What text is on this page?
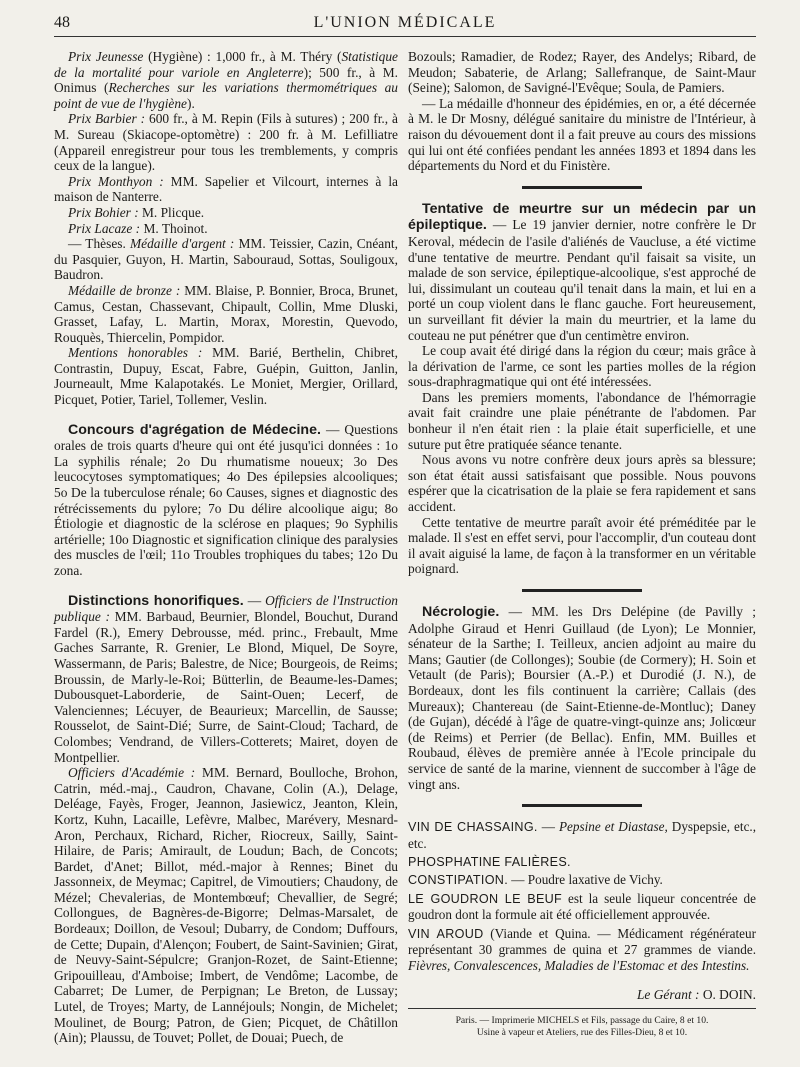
48	L'UNION MÉDICALE

Prix Jeunesse (Hygiène) : 1,000 fr., à M. Théry (Statistique de la mortalité pour variole en Angleterre); 500 fr., à M. Onimus (Recherches sur les variations thermométriques au point de vue de l'hygiène).

Prix Barbier : 600 fr., à M. Repin (Fils à sutures) ; 200 fr., à M. Sureau (Skiacope-optomètre) : 200 fr. à M. Lefilliatre (Appareil enregistreur pour tous les tremblements, y compris ceux de la langue).

Prix Monthyon : MM. Sapelier et Vilcourt, internes à la maison de Nanterre.

Prix Bohier : M. Plicque.

Prix Lacaze : M. Thoinot.

— Thèses. Médaille d'argent : MM. Teissier, Cazin, Cnéant, du Pasquier, Guyon, H. Martin, Sabouraud, Sottas, Souligoux, Baudron.

Médaille de bronze : MM. Blaise, P. Bonnier, Broca, Brunet, Camus, Cestan, Chassevant, Chipault, Collin, Mme Dluski, Grasset, Lafay, L. Martin, Morax, Morestin, Quevodo, Rouquès, Thiercelin, Pompidor.

Mentions honorables : MM. Barié, Berthelin, Chibret, Contrastin, Dupuy, Escat, Fabre, Guépin, Guitton, Janlin, Journeault, Mme Kalapotakés. Le Moniet, Mergier, Orillard, Picquet, Potier, Tariel, Tollemer, Veslin.

Concours d'agrégation de Médecine. — Questions orales de trois quarts d'heure qui ont été jusqu'ici données : 1o La syphilis rénale; 2o Du rhumatisme noueux; 3o Des leucocytoses symptomatiques; 4o Des épilepsies alcooliques; 5o De la tuberculose rénale; 6o Causes, signes et diagnostic des rétrécissements du pylore; 7o Du délire alcoolique aigu; 8o Étiologie et diagnostic de la sclérose en plaques; 9o Syphilis artérielle; 10o Diagnostic et signification clinique des paralysies des muscles de l'œil; 11o Troubles trophiques du tabes; 12o Du zona.

Distinctions honorifiques. — Officiers de l'Instruction publique : MM. Barbaud, Beurnier, Blondel, Bouchut, Durand Fardel (R.), Emery Debrousse, méd. princ., Frebault, Mme Gaches Sarrante, R. Grenier, Le Blond, Miquel, De Soyre, Wassermann, de Paris; Balestre, de Nice; Bourgeois, de Reims; Broussin, de Marly-le-Roi; Bütterlin, de Beaume-les-Dames; Dubousquet-Laborderie, de Saint-Ouen; Lecerf, de Valenciennes; Lécuyer, de Beaurieux; Marcellin, de Sausse; Rousselot, de Saint-Dié; Surre, de Saint-Cloud; Tachard, de Colombes; Vendrand, de Villers-Cotterets; Mairet, doyen de Montpellier.

Officiers d'Académie : MM. Bernard, Boulloche, Brohon, Catrin, méd.-maj., Caudron, Chavane, Colin (A.), Delage, Deléage, Fayès, Froger, Jeannon, Jasiewicz, Jeanton, Klein, Kortz, Kuhn, Lacaille, Lefèvre, Malbec, Marévery, Mesnard-Aron, Perchaux, Richard, Richer, Riocreux, Sailly, Saint-Hilaire, de Paris; Amirault, de Loudun; Bach, de Concots; Bardet, d'Anet; Billot, méd.-major à Rennes; Binet du Jassonneix, de Meymac; Capitrel, de Vimoutiers; Chaudony, de Mézel; Chevalerias, de Montembœuf; Chevallier, de Segré; Collongues, de Bagnères-de-Bigorre; Delmas-Marsalet, de Bordeaux; Doillon, de Vesoul; Dubarry, de Condom; Duffours, de Cette; Dupain, d'Alençon; Foubert, de Saint-Savinien; Girat, de Neuvy-Saint-Sépulcre; Granjon-Rozet, de Saint-Etienne; Gripouilleau, d'Amboise; Imbert, de Vendôme; Lacombe, de Cabarret; De Lumer, de Perpignan; Le Breton, de Lussay; Lutel, de Troyes; Marty, de Lannéjouls; Nongin, de Michelet; Moulinet, de Bourg; Patron, de Gien; Picquet, de Châtillon (Ain); Plaussu, de Touvet; Pollet, de Douai; Puech, de

Bozouls; Ramadier, de Rodez; Rayer, des Andelys; Ribard, de Meudon; Sabaterie, de Arlang; Sallefranque, de Saint-Maur (Seine); Salomon, de Savigné-l'Evêque; Soula, de Pamiers.

— La médaille d'honneur des épidémies, en or, a été décernée à M. le Dr Mosny, délégué sanitaire du ministre de l'Intérieur, à raison du dévouement dont il a fait preuve au cours des missions qui lui ont été confiées pendant les années 1893 et 1894 dans les départements du Nord et du Finistère.

Tentative de meurtre sur un médecin par un épileptique. — Le 19 janvier dernier, notre confrère le Dr Keroval, médecin de l'asile d'aliénés de Vaucluse, a été victime d'une tentative de meurtre. Pendant qu'il faisait sa visite, un malade de son service, épileptique-alcoolique, s'est approché de lui, dissimulant un couteau qu'il tenait dans la main, et lui en a porté un coup violent dans le flanc gauche. Fort heureusement, un surveillant fit dévier la main du meurtrier, et la lame du couteau ne put pénétrer que d'un centimètre environ.

Le coup avait été dirigé dans la région du cœur; mais grâce à la dérivation de l'arme, ce sont les parties molles de la région sous-draphragmatique qui ont été intéressées.

Dans les premiers moments, l'abondance de l'hémorragie avait fait craindre une plaie pénétrante de l'abdomen. Par bonheur il n'en était rien : la plaie était superficielle, et une suture put être pratiquée séance tenante.

Nous avons vu notre confrère deux jours après sa blessure; son état était aussi satisfaisant que possible. Nous pouvons espérer que la cicatrisation de la plaie se fera rapidement et sans accident.

Cette tentative de meurtre paraît avoir été préméditée par le malade. Il s'est en effet servi, pour l'accomplir, d'un couteau dont il avait aiguisé la lame, de façon à la transformer en un véritable poignard.

Nécrologie. — MM. les Drs Delépine (de Pavilly ; Adolphe Giraud et Henri Guillaud (de Lyon); Le Monnier, sénateur de la Sarthe; I. Teilleux, ancien adjoint au maire du Mans; Gautier (de Collonges); Soubie (de Cormery); H. Soin et Vetault (de Paris); Boursier (A.-P.) et Durodié (J. N.), de Bordeaux, dont les fils continuent la carrière; Callais (des Mureaux); Chantereau (de Saint-Etienne-de-Montluc); Daney (de Gujan), décédé à l'âge de quatre-vingt-quinze ans; Jolicœur (de Reims) et Perrier (de Bellac). Enfin, MM. Builles et Roubaud, élèves de première année à l'Ecole principale du service de santé de la marine, viennent de succomber à l'âge de vingt ans.

VIN DE CHASSAING. — Pepsine et Diastase, Dyspepsie, etc., etc.

PHOSPHATINE FALIÈRES.

CONSTIPATION. — Poudre laxative de Vichy.

LE GOUDRON LE BEUF est la seule liqueur concentrée de goudron dont la formule ait été officiellement approuvée.

VIN AROUD (Viande et Quina. — Médicament régénérateur représentant 30 grammes de quina et 27 grammes de viande. Fièvres, Convalescences, Maladies de l'Estomac et des Intestins.

Le Gérant : O. DOIN.
Paris. — Imprimerie MICHELS et Fils, passage du Caire, 8 et 10.
Usine à vapeur et Ateliers, rue des Filles-Dieu, 8 et 10.
